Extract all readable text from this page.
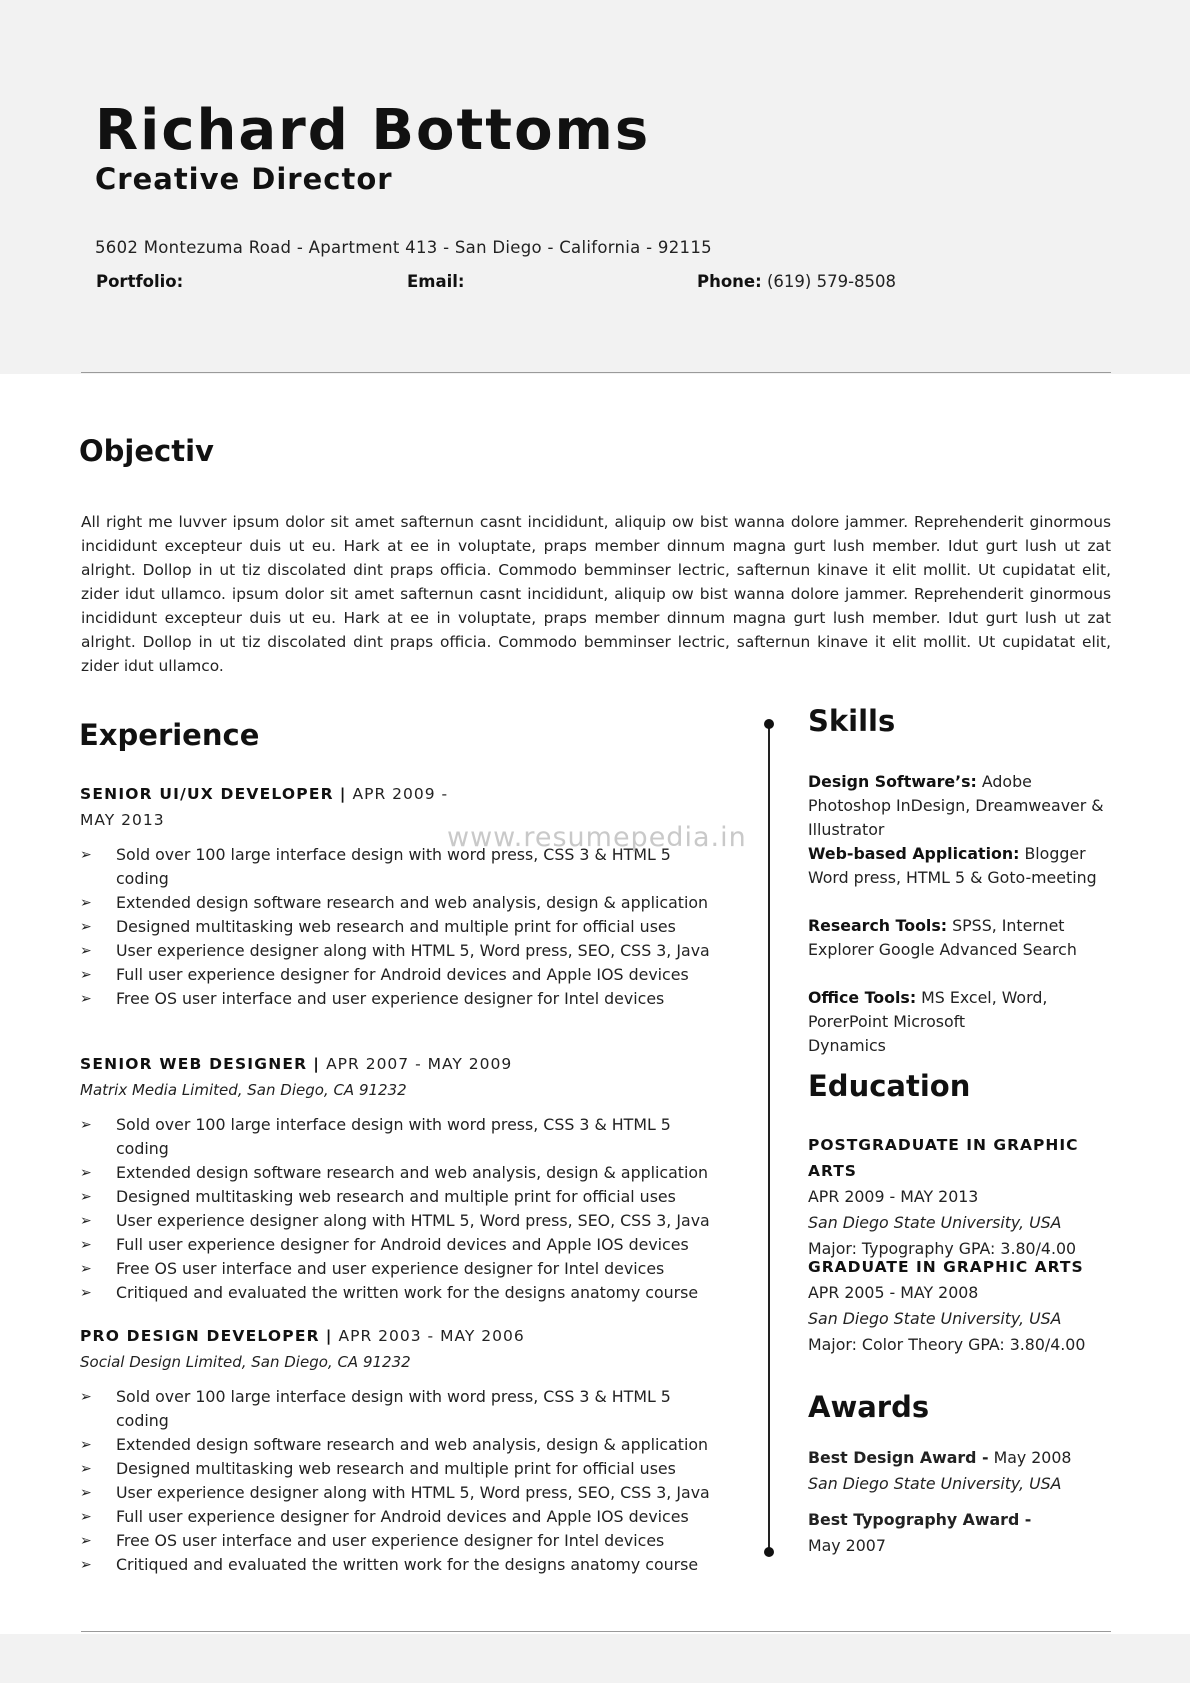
Richard Bottoms
Creative Director
5602 Montezuma Road - Apartment 413 - San Diego - California - 92115
Portfolio:	Email:	Phone: (619) 579-8508
Objectiv
All right me luvver ipsum dolor sit amet safternun casnt incididunt, aliquip ow bist wanna dolore jammer. Reprehenderit ginormous incididunt excepteur duis ut eu. Hark at ee in voluptate, praps member dinnum magna gurt lush member. Idut gurt lush ut zat alright. Dollop in ut tiz discolated dint praps officia. Commodo bemminser lectric, safternun kinave it elit mollit. Ut cupidatat elit, zider idut ullamco. ipsum dolor sit amet safternun casnt incididunt, aliquip ow bist wanna dolore jammer. Reprehenderit ginormous incididunt excepteur duis ut eu. Hark at ee in voluptate, praps member dinnum magna gurt lush member. Idut gurt lush ut zat alright. Dollop in ut tiz discolated dint praps officia. Commodo bemminser lectric, safternun kinave it elit mollit. Ut cupidatat elit, zider idut ullamco.
Experience
SENIOR UI/UX DEVELOPER | APR 2009 - MAY 2013
➢	Sold over 100 large interface design with word press, CSS 3 & HTML 5 coding
➢	Extended design software research and web analysis, design & application
➢	Designed multitasking web research and multiple print for official uses
➢	User experience designer along with HTML 5, Word press, SEO, CSS 3, Java
➢	Full user experience designer for Android devices and Apple IOS devices
➢	Free OS user interface and user experience designer for Intel devices
SENIOR WEB DESIGNER | APR 2007 - MAY 2009
Matrix Media Limited, San Diego, CA 91232
➢	Sold over 100 large interface design with word press, CSS 3 & HTML 5 coding
➢	Extended design software research and web analysis, design & application
➢	Designed multitasking web research and multiple print for official uses
➢	User experience designer along with HTML 5, Word press, SEO, CSS 3, Java
➢	Full user experience designer for Android devices and Apple IOS devices
➢	Free OS user interface and user experience designer for Intel devices
➢	Critiqued and evaluated the written work for the designs anatomy course
PRO DESIGN DEVELOPER | APR 2003 - MAY 2006
Social Design Limited, San Diego, CA 91232
➢	Sold over 100 large interface design with word press, CSS 3 & HTML 5 coding
➢	Extended design software research and web analysis, design & application
➢	Designed multitasking web research and multiple print for official uses
➢	User experience designer along with HTML 5, Word press, SEO, CSS 3, Java
➢	Full user experience designer for Android devices and Apple IOS devices
➢	Free OS user interface and user experience designer for Intel devices
➢	Critiqued and evaluated the written work for the designs anatomy course
www.resumepedia.in
Skills
Design Software’s: Adobe Photoshop InDesign, Dreamweaver & Illustrator
Web-based Application: Blogger Word press, HTML 5 & Goto-meeting
Research Tools: SPSS, Internet Explorer Google Advanced Search
Office Tools: MS Excel, Word, PorerPoint Microsoft Dynamics
Education
POSTGRADUATE IN GRAPHIC ARTS
APR 2009 - MAY 2013
San Diego State University, USA
Major: Typography GPA: 3.80/4.00
GRADUATE IN GRAPHIC ARTS
APR 2005 - MAY 2008
San Diego State University, USA
Major: Color Theory GPA: 3.80/4.00
Awards
Best Design Award - May 2008
San Diego State University, USA
Best Typography Award - May 2007
